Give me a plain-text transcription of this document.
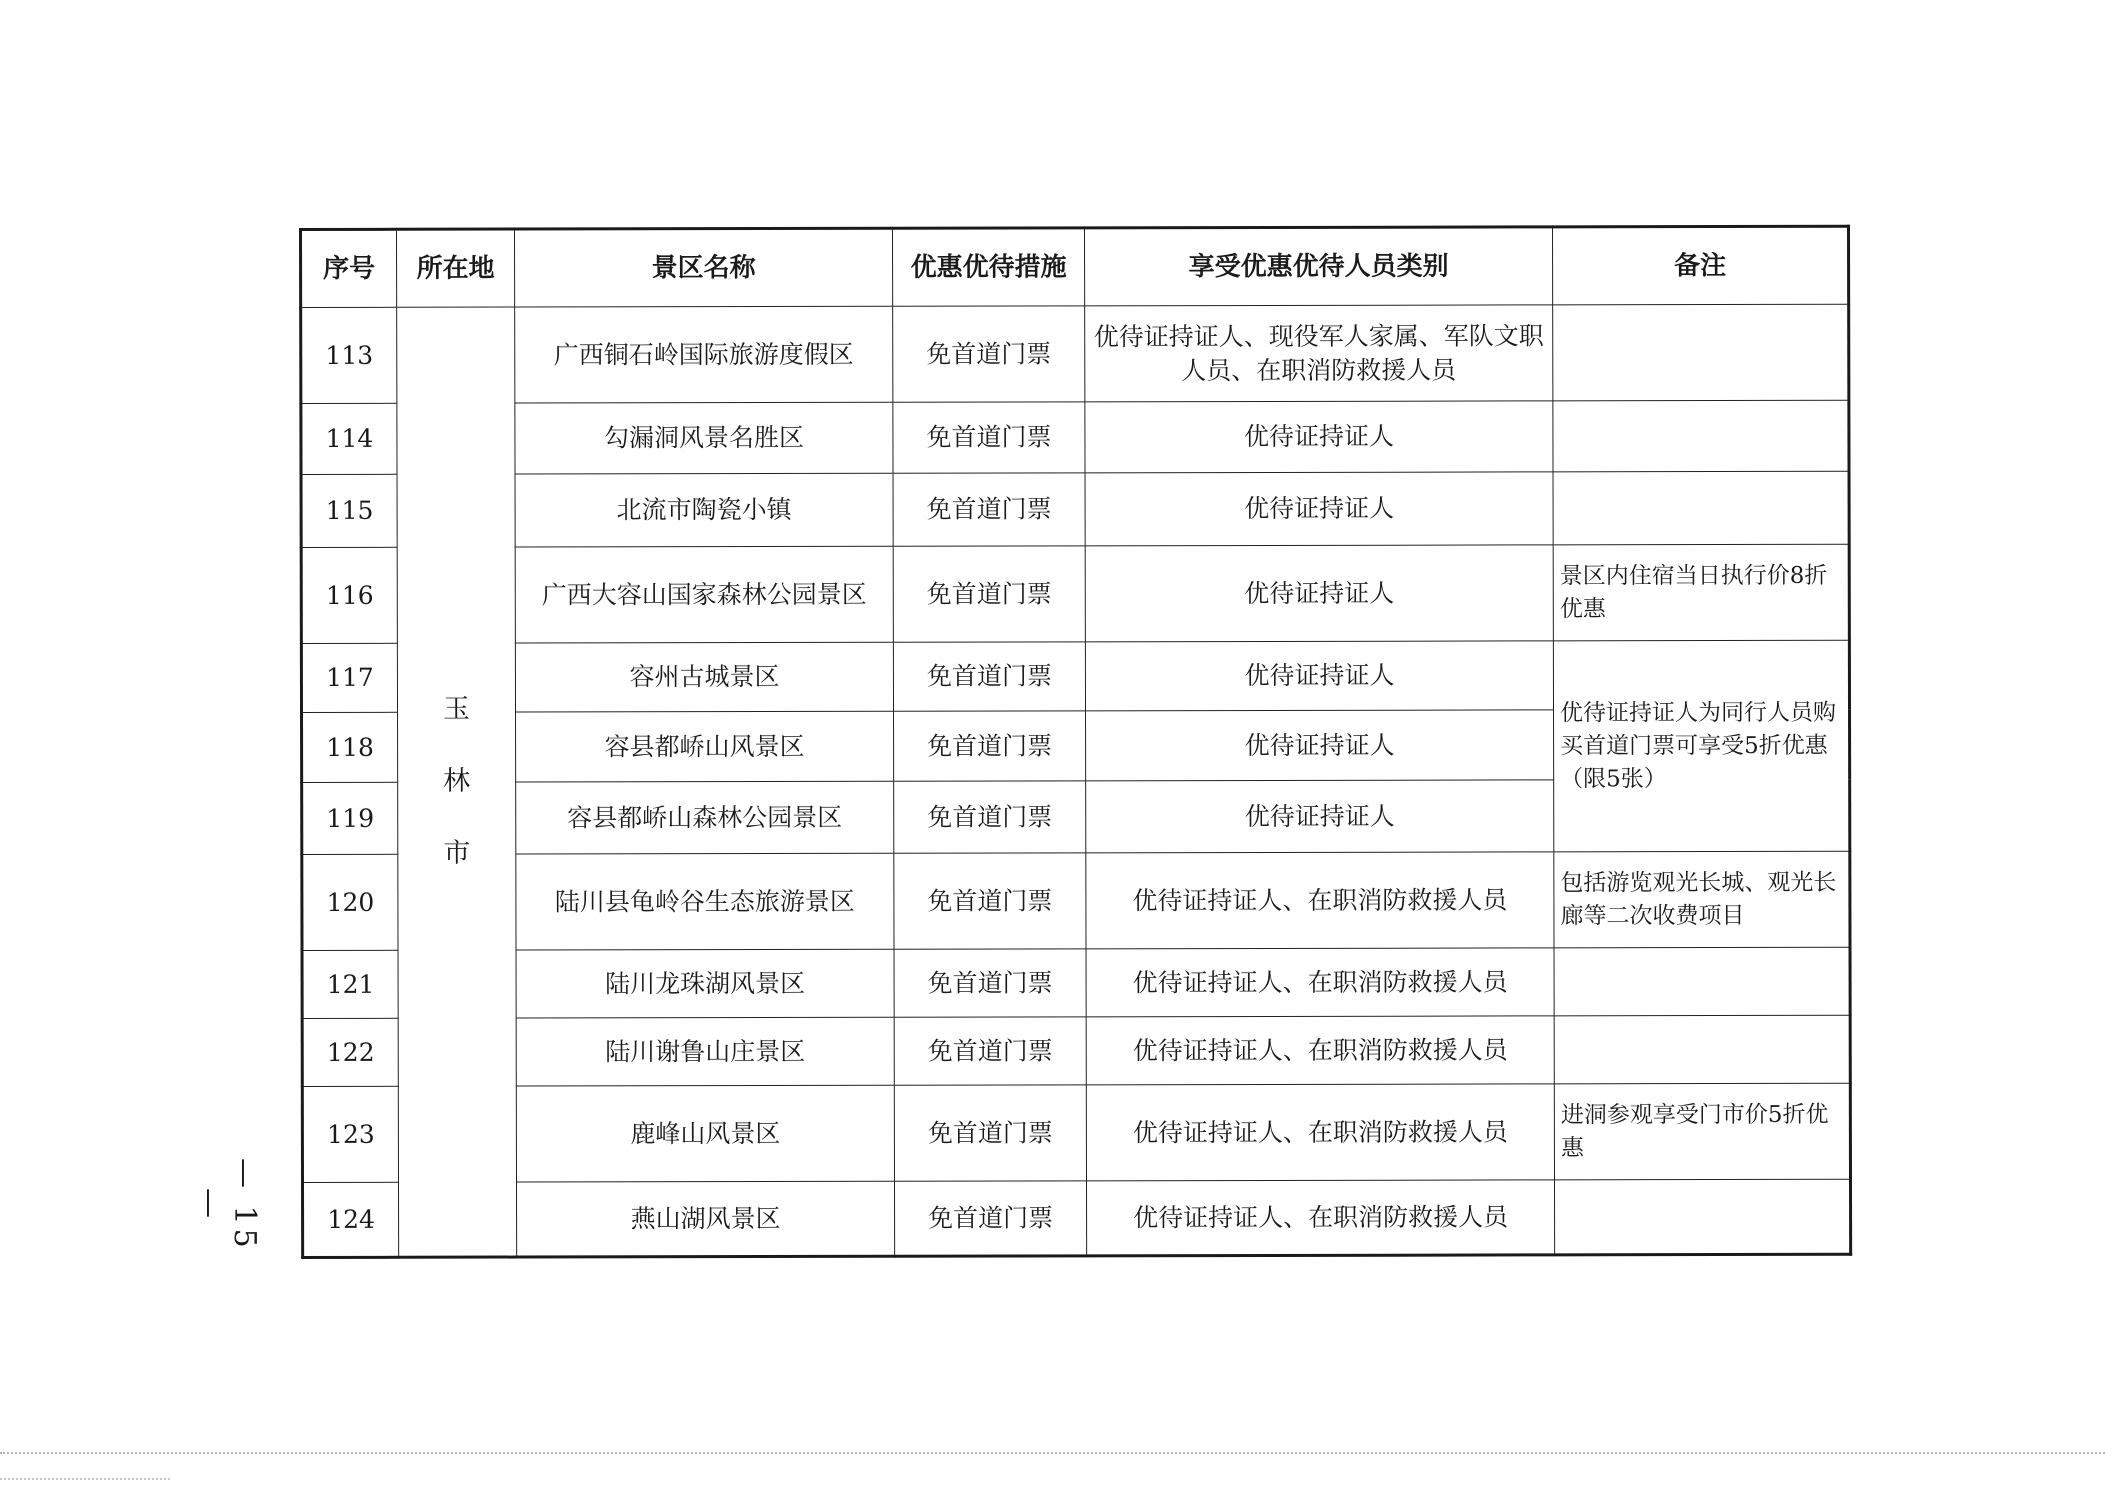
序号	所在地	景区名称	优惠优待措施	享受优惠优待人员类别	备注
113	玉林市	广西铜石岭国际旅游度假区	免首道门票	优待证持证人、现役军人家属、军队文职人员、在职消防救援人员	
114		勾漏洞风景名胜区	免首道门票	优待证持证人	
115		北流市陶瓷小镇	免首道门票	优待证持证人	
116		广西大容山国家森林公园景区	免首道门票	优待证持证人	景区内住宿当日执行价8折优惠
117		容州古城景区	免首道门票	优待证持证人	优待证持证人为同行人员购买首道门票可享受5折优惠（限5张）
118		容县都峤山风景区	免首道门票	优待证持证人	
119		容县都峤山森林公园景区	免首道门票	优待证持证人	
120		陆川县龟岭谷生态旅游景区	免首道门票	优待证持证人、在职消防救援人员	包括游览观光长城、观光长廊等二次收费项目
121		陆川龙珠湖风景区	免首道门票	优待证持证人、在职消防救援人员	
122		陆川谢鲁山庄景区	免首道门票	优待证持证人、在职消防救援人员	
123		鹿峰山风景区	免首道门票	优待证持证人、在职消防救援人员	进洞参观享受门市价5折优惠
124		燕山湖风景区	免首道门票	优待证持证人、在职消防救援人员	
— 15 —
